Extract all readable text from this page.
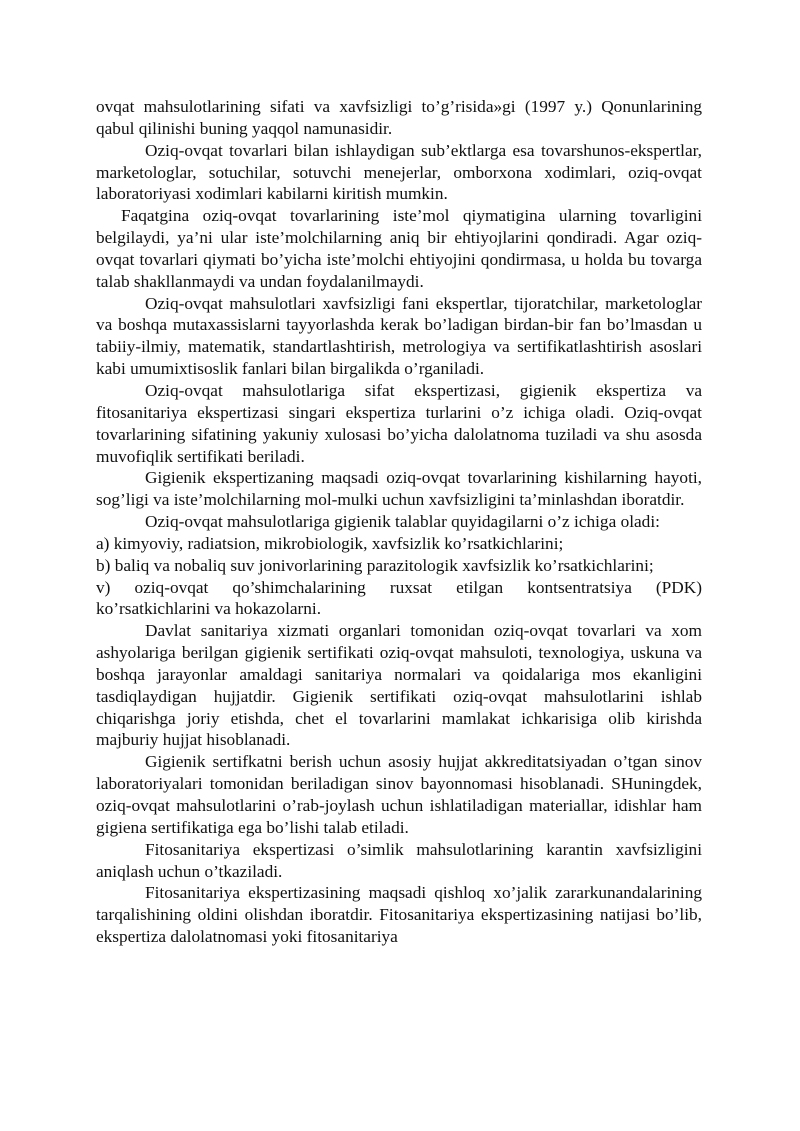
ovqat mahsulotlarining sifati va xavfsizligi to’g’risida»gi (1997 y.) Qonunlarining qabul qilinishi buning yaqqol namunasidir.

Oziq-ovqat tovarlari bilan ishlaydigan sub’ektlarga esa tovarshunos-ekspertlar, marketologlar, sotuchilar, sotuvchi menejerlar, omborxona xodimlari, oziq-ovqat laboratoriyasi xodimlari kabilarni kiritish mumkin.

Faqatgina oziq-ovqat tovarlarining iste’mol qiymatigina ularning tovarligini belgilaydi, ya’ni ular iste’molchilarning aniq bir ehtiyojlarini qondiradi. Agar oziq-ovqat tovarlari qiymati bo’yicha iste’molchi ehtiyojini qondirmasa, u holda bu tovarga talab shakllanmaydi va undan foydalanilmaydi.

Oziq-ovqat mahsulotlari xavfsizligi fani ekspertlar, tijoratchilar, marketologlar va boshqa mutaxassislarni tayyorlashda kerak bo’ladigan birdan-bir fan bo’lmasdan u tabiiy-ilmiy, matematik, standartlashtirish, metrologiya va sertifikatlashtirish asoslari kabi umumixtisoslik fanlari bilan birgalikda o’rganiladi.

Oziq-ovqat mahsulotlariga sifat ekspertizasi, gigienik ekspertiza va fitosanitariya ekspertizasi singari ekspertiza turlarini o’z ichiga oladi. Oziq-ovqat tovarlarining sifatining yakuniy xulosasi bo’yicha dalolatnoma tuziladi va shu asosda muvofiqlik sertifikati beriladi.

Gigienik ekspertizaning maqsadi oziq-ovqat tovarlarining kishilarning hayoti, sog’ligi va iste’molchilarning mol-mulki uchun xavfsizligini ta’minlashdan iboratdir.

Oziq-ovqat mahsulotlariga gigienik talablar quyidagilarni o’z ichiga oladi:

a) kimyoviy, radiatsion, mikrobiologik, xavfsizlik ko’rsatkichlarini;

b) baliq va nobaliq suv jonivorlarining parazitologik xavfsizlik ko’rsatkichlarini;

v) oziq-ovqat qo’shimchalarining ruxsat etilgan kontsentratsiya (PDK) ko’rsatkichlarini va hokazolarni.

Davlat sanitariya xizmati organlari tomonidan oziq-ovqat tovarlari va xom ashyolariga berilgan gigienik sertifikati oziq-ovqat mahsuloti, texnologiya, uskuna va boshqa jarayonlar amaldagi sanitariya normalari va qoidalariga mos ekanligini tasdiqlaydigan hujjatdir. Gigienik sertifikati oziq-ovqat mahsulotlarini ishlab chiqarishga joriy etishda, chet el tovarlarini mamlakat ichkarisiga olib kirishda majburiy hujjat hisoblanadi.

Gigienik sertifkatni berish uchun asosiy hujjat akkreditatsiyadan o’tgan sinov laboratoriyalari tomonidan beriladigan sinov bayonnomasi hisoblanadi. SHuningdek, oziq-ovqat mahsulotlarini o’rab-joylash uchun ishlatiladigan materiallar, idishlar ham gigiena sertifikatiga ega bo’lishi talab etiladi.

Fitosanitariya ekspertizasi o’simlik mahsulotlarining karantin xavfsizligini aniqlash uchun o’tkaziladi.

Fitosanitariya ekspertizasining maqsadi qishloq xo’jalik zararkunandalarining tarqalishining oldini olishdan iboratdir. Fitosanitariya ekspertizasining natijasi bo’lib, ekspertiza dalolatnomasi yoki fitosanitariya
